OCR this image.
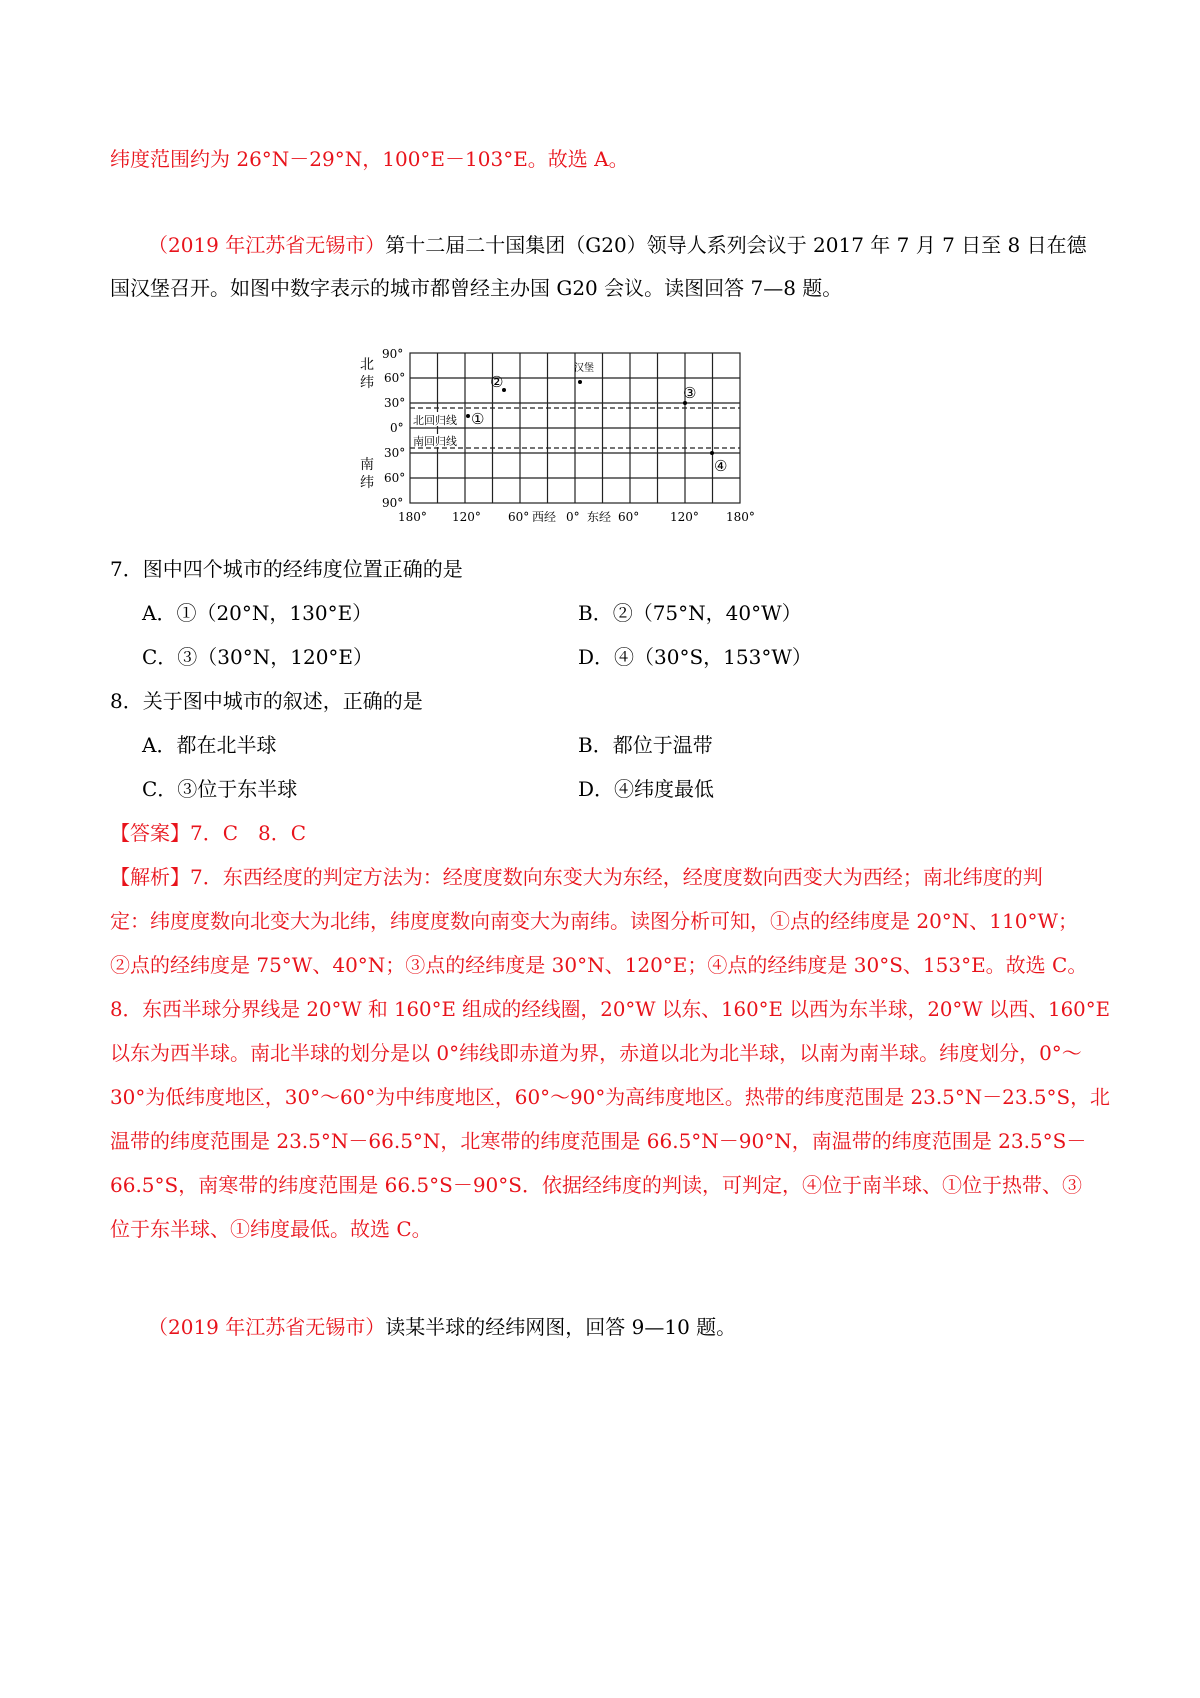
纬度范围约为 26°N－29°N，100°E－103°E。故选 A。
（2019 年江苏省无锡市）第十二届二十国集团（G20）领导人系列会议于 2017 年 7 月 7 日至 8 日在德
国汉堡召开。如图中数字表示的城市都曾经主办国 G20 会议。读图回答 7—8 题。
北回归线
南回归线
90°
60°
30°
0°
30°
60°
90°
北
纬
南
纬
180° 120° 60° 西经 0° 东经 60°	120° 180°
①
②
汉堡
③
④
7．图中四个城市的经纬度位置正确的是
A．①（20°N，130°E）	B．②（75°N，40°W）
C．③（30°N，120°E）	D．④（30°S，153°W）
8．关于图中城市的叙述，正确的是
A．都在北半球	B．都位于温带
C．③位于东半球	D．④纬度最低
【答案】7．C　8．C
【解析】7．东西经度的判定方法为：经度度数向东变大为东经，经度度数向西变大为西经；南北纬度的判
定：纬度度数向北变大为北纬，纬度度数向南变大为南纬。读图分析可知，①点的经纬度是 20°N、110°W；
②点的经纬度是 75°W、40°N；③点的经纬度是 30°N、120°E；④点的经纬度是 30°S、153°E。故选 C。
8．东西半球分界线是 20°W 和 160°E 组成的经线圈，20°W 以东、160°E 以西为东半球，20°W 以西、160°E
以东为西半球。南北半球的划分是以 0°纬线即赤道为界，赤道以北为北半球，以南为南半球。纬度划分，0°～
30°为低纬度地区，30°～60°为中纬度地区，60°～90°为高纬度地区。热带的纬度范围是 23.5°N－23.5°S，北
温带的纬度范围是 23.5°N－66.5°N，北寒带的纬度范围是 66.5°N－90°N，南温带的纬度范围是 23.5°S－
66.5°S，南寒带的纬度范围是 66.5°S－90°S．依据经纬度的判读，可判定，④位于南半球、①位于热带、③
位于东半球、①纬度最低。故选 C。
（2019 年江苏省无锡市）读某半球的经纬网图，回答 9—10 题。
